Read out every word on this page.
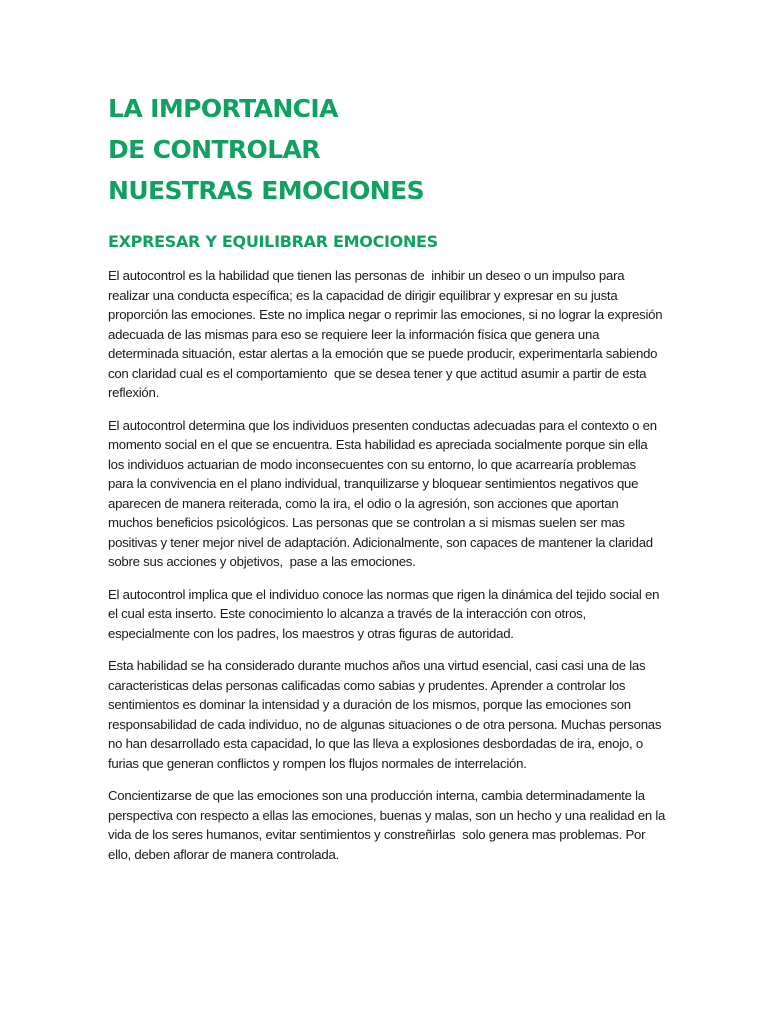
LA IMPORTANCIA
DE CONTROLAR
NUESTRAS EMOCIONES
EXPRESAR Y EQUILIBRAR EMOCIONES

El autocontrol es la habilidad que tienen las personas de  inhibir un deseo o un impulso para
realizar una conducta específica; es la capacidad de dirigir equilibrar y expresar en su justa
proporción las emociones. Este no implica negar o reprimir las emociones, si no lograr la expresión
adecuada de las mismas para eso se requiere leer la información física que genera una
determinada situación, estar alertas a la emoción que se puede producir, experimentarla sabiendo
con claridad cual es el comportamiento  que se desea tener y que actitud asumir a partir de esta
reflexión.

El autocontrol determina que los individuos presenten conductas adecuadas para el contexto o en
momento social en el que se encuentra. Esta habilidad es apreciada socialmente porque sin ella
los individuos actuarian de modo inconsecuentes con su entorno, lo que acarrearía problemas
para la convivencia en el plano individual, tranquilizarse y bloquear sentimientos negativos que
aparecen de manera reiterada, como la ira, el odio o la agresión, son acciones que aportan
muchos beneficios psicológicos. Las personas que se controlan a si mismas suelen ser mas
positivas y tener mejor nivel de adaptación. Adicionalmente, son capaces de mantener la claridad
sobre sus acciones y objetivos,  pase a las emociones.

El autocontrol implica que el individuo conoce las normas que rigen la dinámica del tejido social en
el cual esta inserto. Este conocimiento lo alcanza a través de la interacción con otros,
especialmente con los padres, los maestros y otras figuras de autoridad.

Esta habilidad se ha considerado durante muchos años una virtud esencial, casi casi una de las
caracteristicas delas personas calificadas como sabias y prudentes. Aprender a controlar los
sentimientos es dominar la intensidad y a duración de los mismos, porque las emociones son
responsabilidad de cada individuo, no de algunas situaciones o de otra persona. Muchas personas
no han desarrollado esta capacidad, lo que las lleva a explosiones desbordadas de ira, enojo, o
furias que generan conflictos y rompen los flujos normales de interrelación.

Concientizarse de que las emociones son una producción interna, cambia determinadamente la
perspectiva con respecto a ellas las emociones, buenas y malas, son un hecho y una realidad en la
vida de los seres humanos, evitar sentimientos y constreñirlas  solo genera mas problemas. Por
ello, deben aflorar de manera controlada.
